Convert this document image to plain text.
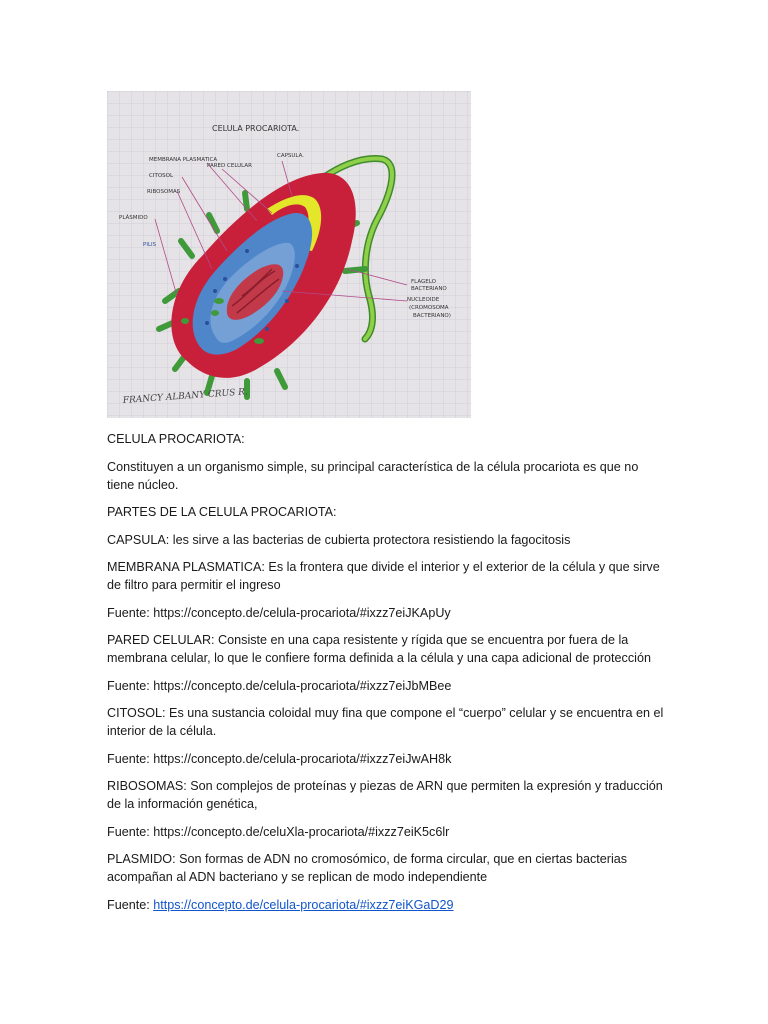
CELULA PROCARIOTA.
MEMBRANA PLASMATICA
PARED CELULAR
CAPSULA.
CITOSOL
RIBOSOMAS
PLÁSMIDO
PILIS
FLAGELO
BACTERIANO
NUCLEOIDE
(CROMOSOMA
BACTERIANO)
FRANCY ALBANY CRUS R.

CELULA PROCARIOTA:

Constituyen a un organismo simple, su principal característica de la célula procariota es que no tiene núcleo.

PARTES DE LA CELULA PROCARIOTA:

CAPSULA: les sirve a las bacterias de cubierta protectora resistiendo la fagocitosis

MEMBRANA PLASMATICA: Es la frontera que divide el interior y el exterior de la célula y que sirve de filtro para permitir el ingreso

Fuente: https://concepto.de/celula-procariota/#ixzz7eiJKApUy

PARED CELULAR: Consiste en una capa resistente y rígida que se encuentra por fuera de la membrana celular, lo que le confiere forma definida a la célula y una capa adicional de protección

Fuente: https://concepto.de/celula-procariota/#ixzz7eiJbMBee

CITOSOL: Es una sustancia coloidal muy fina que compone el “cuerpo” celular y se encuentra en el interior de la célula.

Fuente: https://concepto.de/celula-procariota/#ixzz7eiJwAH8k

RIBOSOMAS: Son complejos de proteínas y piezas de ARN que permiten la expresión y traducción de la información genética,

Fuente: https://concepto.de/celuXla-procariota/#ixzz7eiK5c6lr

PLASMIDO: Son formas de ADN no cromosómico, de forma circular, que en ciertas bacterias acompañan al ADN bacteriano y se replican de modo independiente

Fuente: https://concepto.de/celula-procariota/#ixzz7eiKGaD29
